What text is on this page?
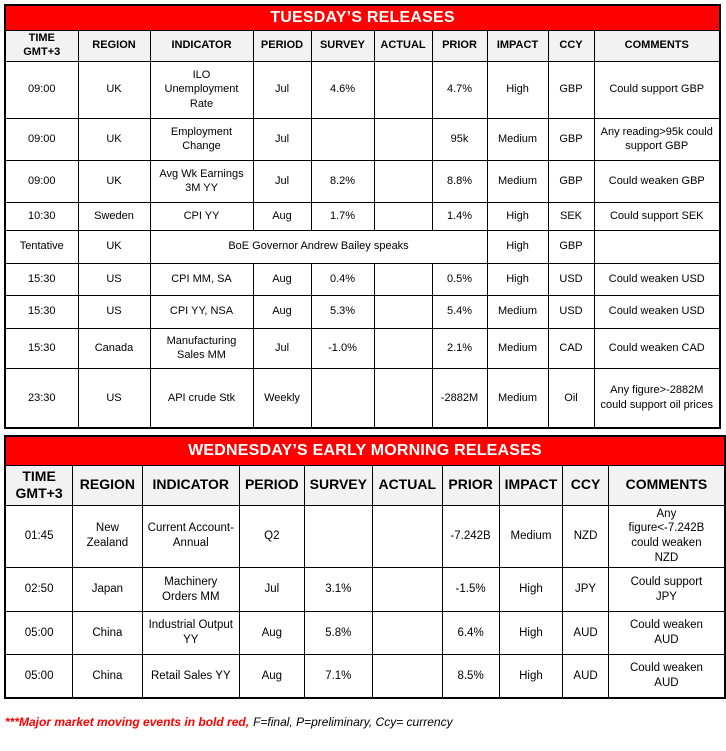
TUESDAY’S RELEASES									
TIME GMT+3	REGION	INDICATOR	PERIOD	SURVEY	ACTUAL	PRIOR	IMPACT	CCY	COMMENTS
09:00	UK	ILO Unemployment Rate	Jul	4.6%		4.7%	High	GBP	Could support GBP
09:00	UK	Employment Change	Jul			95k	Medium	GBP	Any reading>95k could support GBP
09:00	UK	Avg Wk Earnings 3M YY	Jul	8.2%		8.8%	Medium	GBP	Could weaken GBP
10:30	Sweden	CPI YY	Aug	1.7%		1.4%	High	SEK	Could support SEK
Tentative	UK	BoE Governor Andrew Bailey speaks					High	GBP	
15:30	US	CPI MM, SA	Aug	0.4%		0.5%	High	USD	Could weaken USD
15:30	US	CPI YY, NSA	Aug	5.3%		5.4%	Medium	USD	Could weaken USD
15:30	Canada	Manufacturing Sales MM	Jul	-1.0%		2.1%	Medium	CAD	Could weaken CAD
23:30	US	API crude Stk	Weekly			-2882M	Medium	Oil	Any figure>-2882M could support oil prices
WEDNESDAY’S EARLY MORNING RELEASES									
TIME GMT+3	REGION	INDICATOR	PERIOD	SURVEY	ACTUAL	PRIOR	IMPACT	CCY	COMMENTS
01:45	New Zealand	Current Account- Annual	Q2			-7.242B	Medium	NZD	Any figure<-7.242B could weaken NZD
02:50	Japan	Machinery Orders MM	Jul	3.1%		-1.5%	High	JPY	Could support JPY
05:00	China	Industrial Output YY	Aug	5.8%		6.4%	High	AUD	Could weaken AUD
05:00	China	Retail Sales YY	Aug	7.1%		8.5%	High	AUD	Could weaken AUD
***Major market moving events in bold red, F=final, P=preliminary, Ccy= currency
